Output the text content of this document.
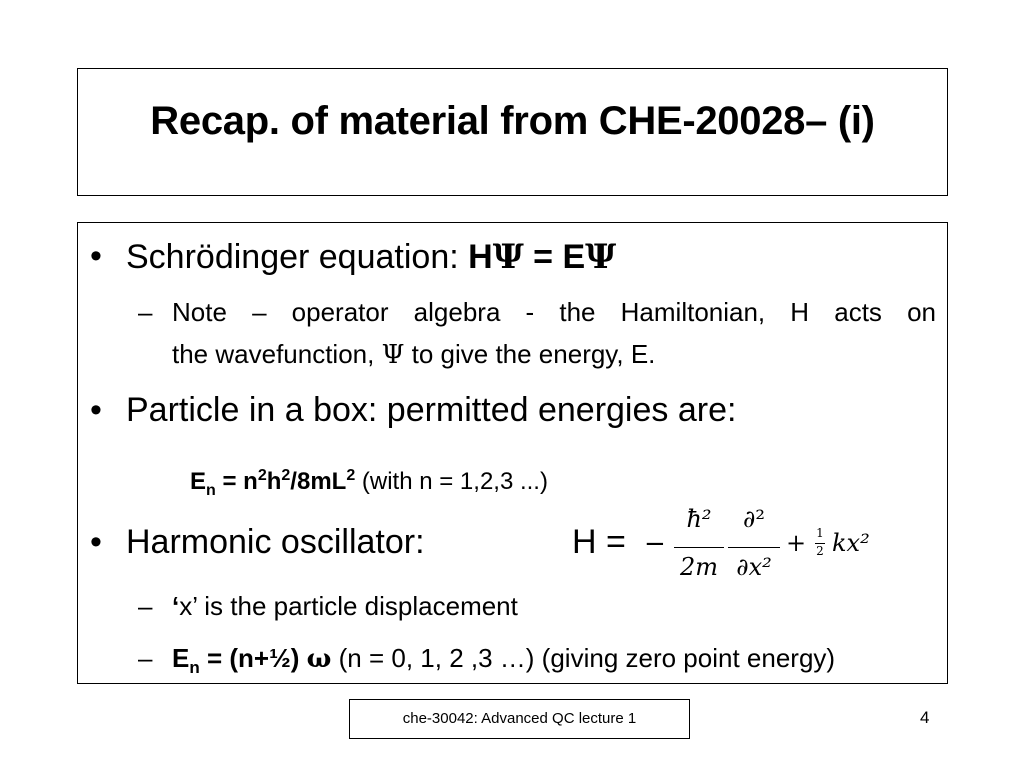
Recap. of material from CHE-20028– (i)
• Schrödinger equation: HΨ = EΨ
– Note – operator algebra - the Hamiltonian, H acts on
the wavefunction, Ψ to give the energy, E.
• Particle in a box: permitted energies are:
$E_n = n^2h^2/8mL^2$ (with n = 1,2,3 ...)
• Harmonic oscillator:	H = −
ħ²
2m
∂²
∂x²
+ 1
2 kx²
– ‘x’ is the particle displacement
– $E_n$ = (n+½) ω (n = 0, 1, 2 ,3 …) (giving zero point energy)
che-30042: Advanced QC lecture 1	4
